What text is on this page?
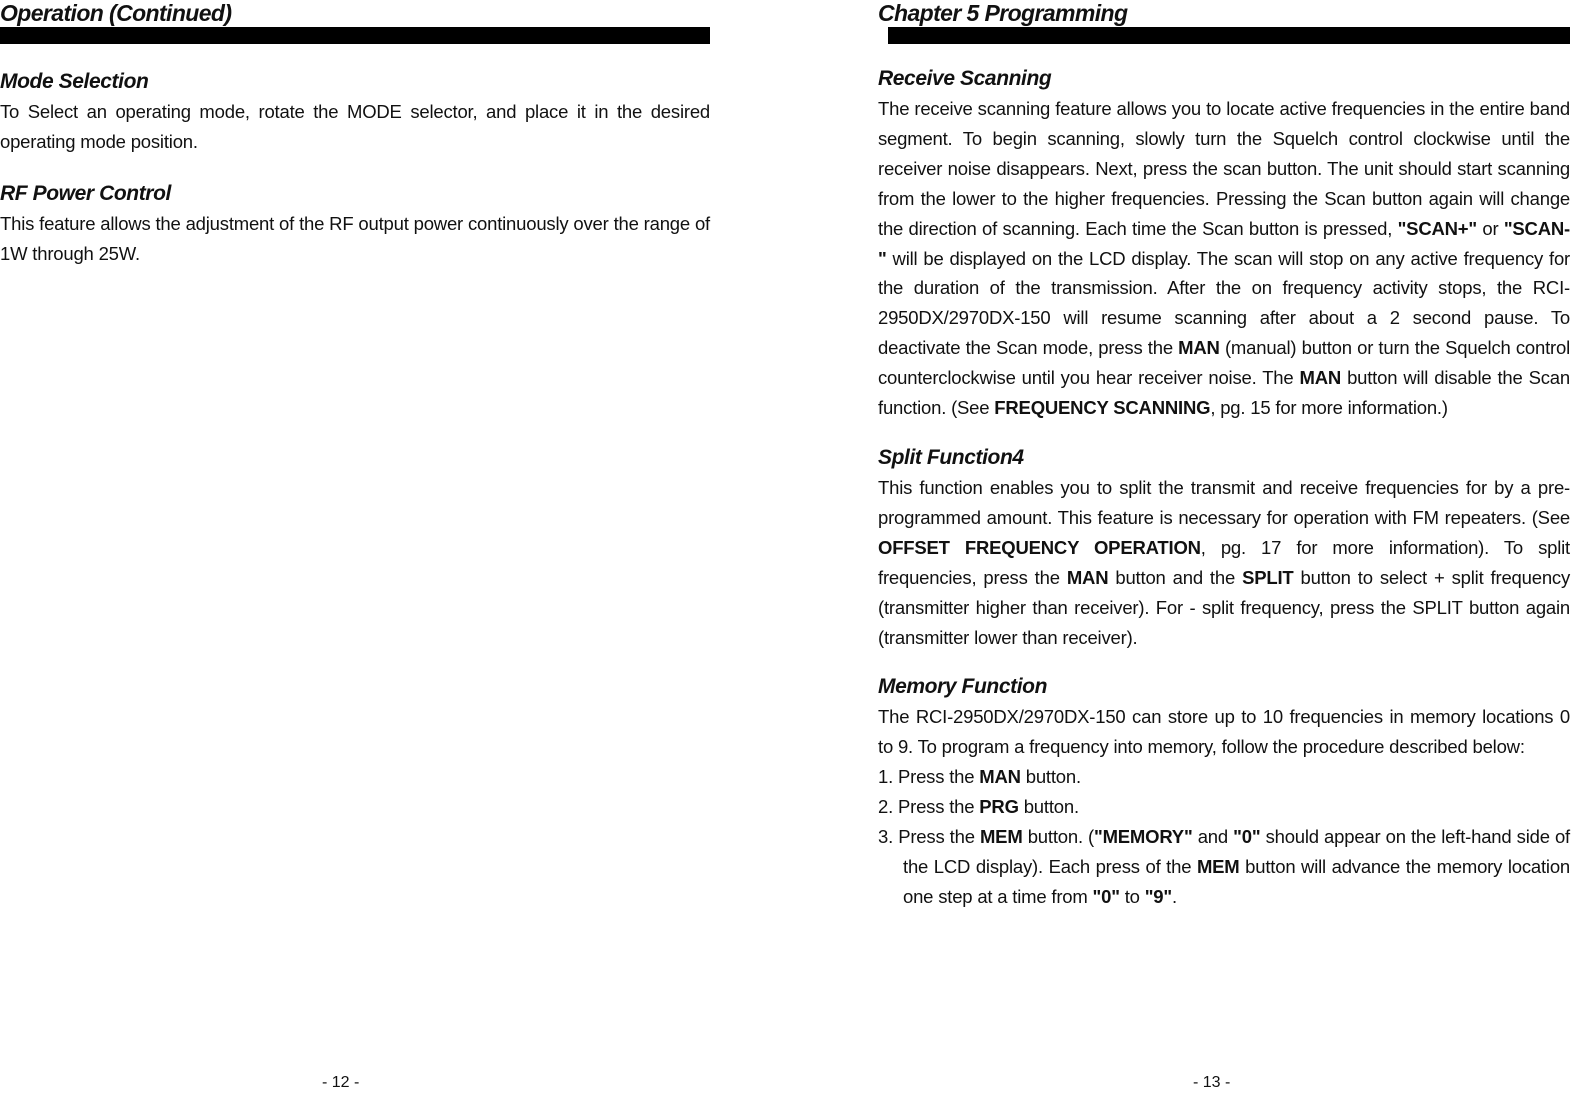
Operation (Continued)
Mode Selection

To Select an operating mode, rotate the MODE selector, and place it in the desired operating mode position.

RF Power Control

This feature allows the adjustment of the RF output power continuously over the range of 1W through 25W.

- 12 -
Chapter 5 Programming
Receive Scanning

The receive scanning feature allows you to locate active frequencies in the entire band segment. To begin scanning, slowly turn the Squelch control clockwise until the receiver noise disappears. Next, press the scan button. The unit should start scanning from the lower to the higher frequencies. Pressing the Scan button again will change the direction of scanning. Each time the Scan button is pressed, "SCAN+" or "SCAN-" will be displayed on the LCD display. The scan will stop on any active frequency for the duration of the transmission. After the on frequency activity stops, the RCI-2950DX/2970DX-150 will resume scanning after about a 2 second pause. To deactivate the Scan mode, press the MAN (manual) button or turn the Squelch control counterclockwise until you hear receiver noise. The MAN button will disable the Scan function. (See FREQUENCY SCANNING, pg. 15 for more information.)

Split Function4

This function enables you to split the transmit and receive frequencies for by a pre-programmed amount. This feature is necessary for operation with FM repeaters. (See OFFSET FREQUENCY OPERATION, pg. 17 for more information). To split frequencies, press the MAN button and the SPLIT button to select + split frequency (transmitter higher than receiver). For - split frequency, press the SPLIT button again (transmitter lower than receiver).

Memory Function

The RCI-2950DX/2970DX-150 can store up to 10 frequencies in memory locations 0 to 9. To program a frequency into memory, follow the procedure described below:

1. Press the MAN button.

2. Press the PRG button.

3. Press the MEM button. ("MEMORY" and "0" should appear on the left-hand side of the LCD display). Each press of the MEM button will advance the memory location one step at a time from "0" to "9".

- 13 -
